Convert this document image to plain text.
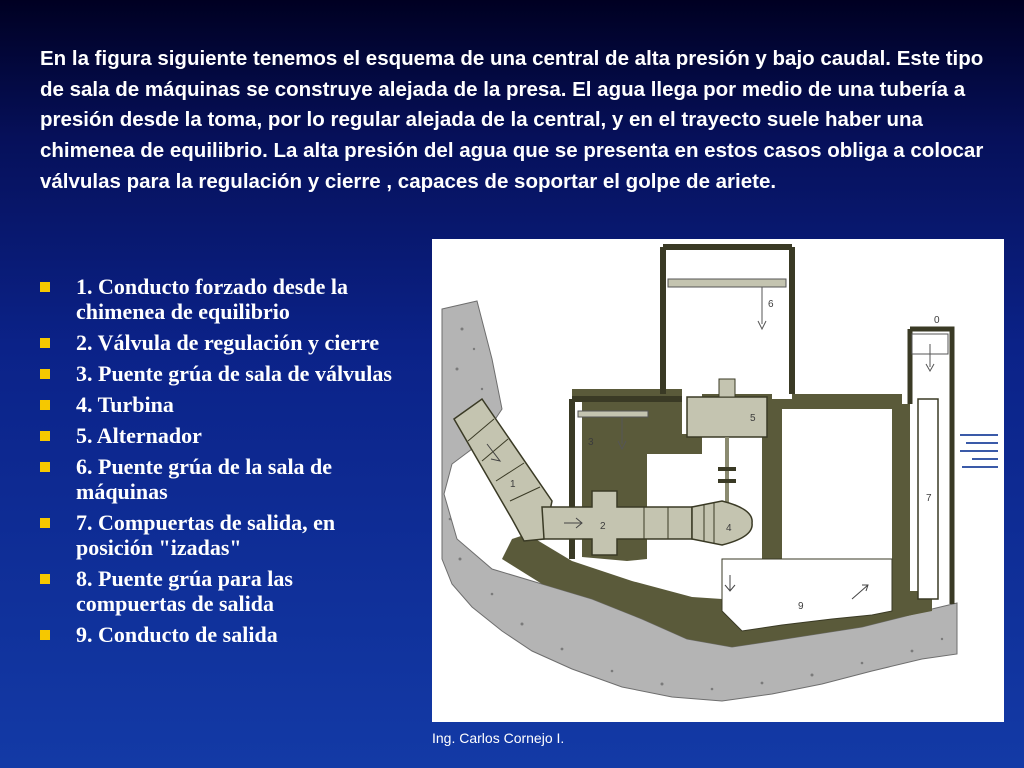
En la figura siguiente tenemos el esquema de una central de alta presión y bajo caudal. Este tipo de sala de máquinas se construye alejada de la presa. El agua llega por medio de una tubería a presión desde la toma, por lo regular alejada de la central, y en el trayecto suele haber una chimenea de equilibrio. La alta presión del agua que se presenta en estos casos obliga a colocar válvulas para la regulación y cierre , capaces de soportar el golpe de ariete.

1. Conducto forzado desde la chimenea de equilibrio
2. Válvula de regulación y cierre
3. Puente grúa de sala de válvulas
4. Turbina
5. Alternador
6. Puente grúa de la sala de máquinas
7. Compuertas de salida, en posición "izadas"
8. Puente grúa para las compuertas de salida
9. Conducto de salida
0
1
2
3
4
5
6
7
9
Ing. Carlos Cornejo I.
